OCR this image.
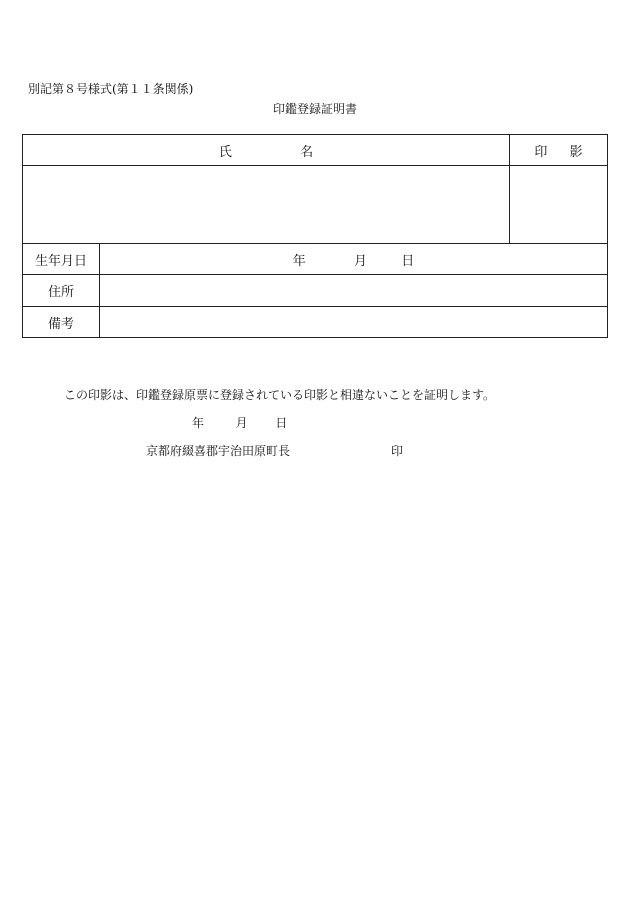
別記第８号様式(第１１条関係)
印鑑登録証明書
氏 名		印 影

生年月日	年 月 日	
住所		
備考		
この印影は、印鑑登録原票に登録されている印影と相違ないことを証明します。
年	月 日
京都府綴喜郡宇治田原町長	印
